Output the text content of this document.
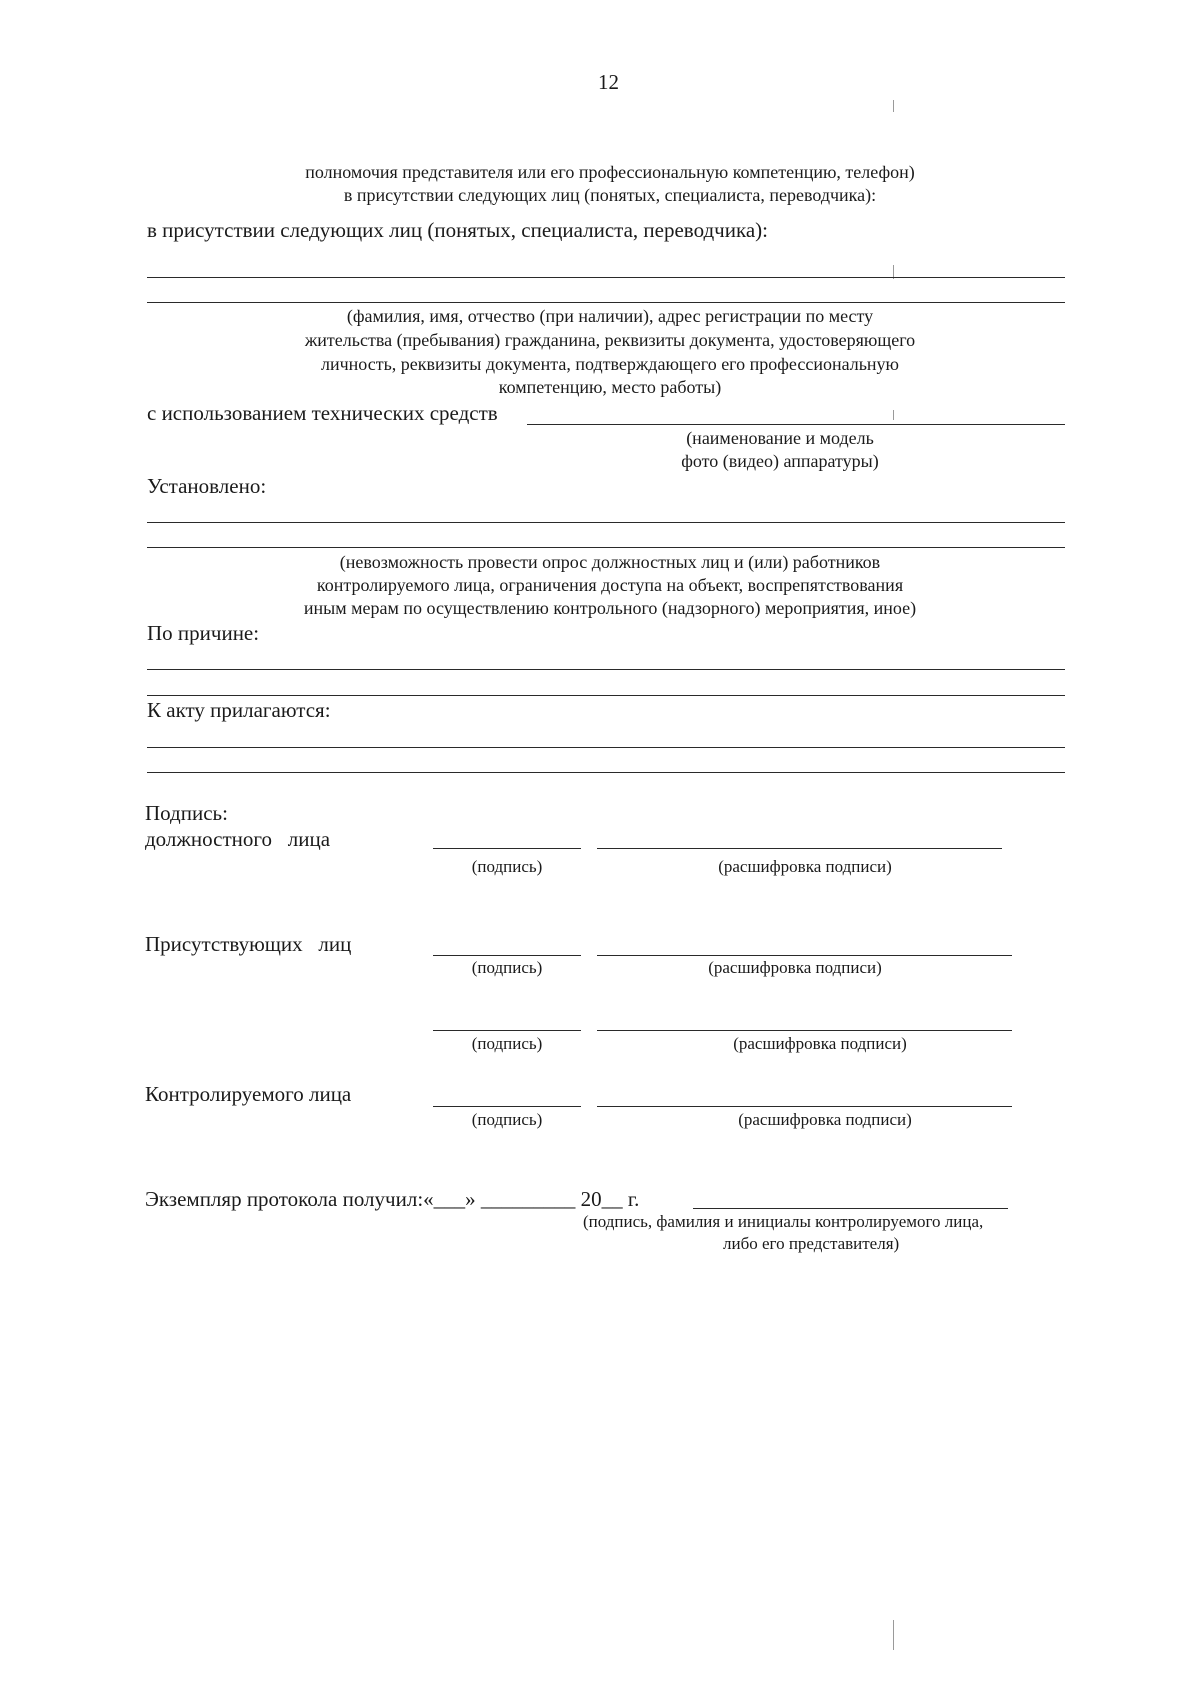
12
полномочия представителя или его профессиональную компетенцию, телефон)
в присутствии следующих лиц (понятых, специалиста, переводчика):
в присутствии следующих лиц (понятых, специалиста, переводчика):
(фамилия, имя, отчество (при наличии), адрес регистрации по месту
жительства (пребывания) гражданина, реквизиты документа, удостоверяющего
личность, реквизиты документа, подтверждающего его профессиональную
компетенцию, место работы)
с использованием технических средств
(наименование и модель
фото (видео) аппаратуры)
Установлено:
(невозможность провести опрос должностных лиц и (или) работников
контролируемого лица, ограничения доступа на объект, воспрепятствования
иным мерам по осуществлению контрольного (надзорного) мероприятия, иное)
По причине:
К акту прилагаются:
Подпись:
должностного   лица
(подпись)	(расшифровка подписи)
Присутствующих   лиц
(подпись)	(расшифровка подписи)
(подпись)	(расшифровка подписи)
Контролируемого лица
(подпись)	(расшифровка подписи)
Экземпляр протокола получил:«___» _________ 20__ г.
(подпись, фамилия и инициалы контролируемого лица,
либо его представителя)
